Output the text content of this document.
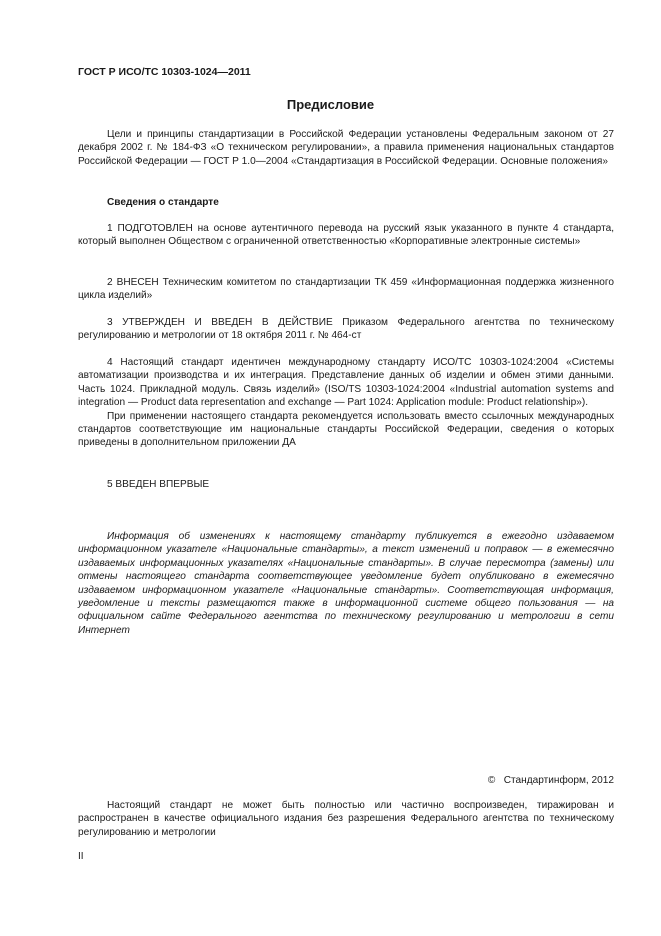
ГОСТ Р ИСО/ТС 10303-1024—2011
Предисловие

Цели и принципы стандартизации в Российской Федерации установлены Федеральным законом от 27 декабря 2002 г. № 184-ФЗ «О техническом регулировании», а правила применения национальных стандартов Российской Федерации — ГОСТ Р 1.0—2004 «Стандартизация в Российской Федерации. Основные положения»

Сведения о стандарте

1 ПОДГОТОВЛЕН на основе аутентичного перевода на русский язык указанного в пункте 4 стандарта, который выполнен Обществом с ограниченной ответственностью «Корпоративные электронные системы»

2 ВНЕСЕН Техническим комитетом по стандартизации ТК 459 «Информационная поддержка жизненного цикла изделий»

3 УТВЕРЖДЕН И ВВЕДЕН В ДЕЙСТВИЕ Приказом Федерального агентства по техническому регулированию и метрологии от 18 октября 2011 г. № 464-ст

4 Настоящий стандарт идентичен международному стандарту ИСО/ТС 10303-1024:2004 «Системы автоматизации производства и их интеграция. Представление данных об изделии и обмен этими данными. Часть 1024. Прикладной модуль. Связь изделий» (ISO/TS 10303-1024:2004 «Industrial automation systems and integration — Product data representation and exchange — Part 1024: Application module: Product relationship»).

При применении настоящего стандарта рекомендуется использовать вместо ссылочных международных стандартов соответствующие им национальные стандарты Российской Федерации, сведения о которых приведены в дополнительном приложении ДА

5 ВВЕДЕН ВПЕРВЫЕ

Информация об изменениях к настоящему стандарту публикуется в ежегодно издаваемом информационном указателе «Национальные стандарты», а текст изменений и поправок — в ежемесячно издаваемых информационных указателях «Национальные стандарты». В случае пересмотра (замены) или отмены настоящего стандарта соответствующее уведомление будет опубликовано в ежемесячно издаваемом информационном указателе «Национальные стандарты». Соответствующая информация, уведомление и тексты размещаются также в информационной системе общего пользования — на официальном сайте Федерального агентства по техническому регулированию и метрологии в сети Интернет

©   Стандартинформ, 2012

Настоящий стандарт не может быть полностью или частично воспроизведен, тиражирован и распространен в качестве официального издания без разрешения Федерального агентства по техническому регулированию и метрологии

II
